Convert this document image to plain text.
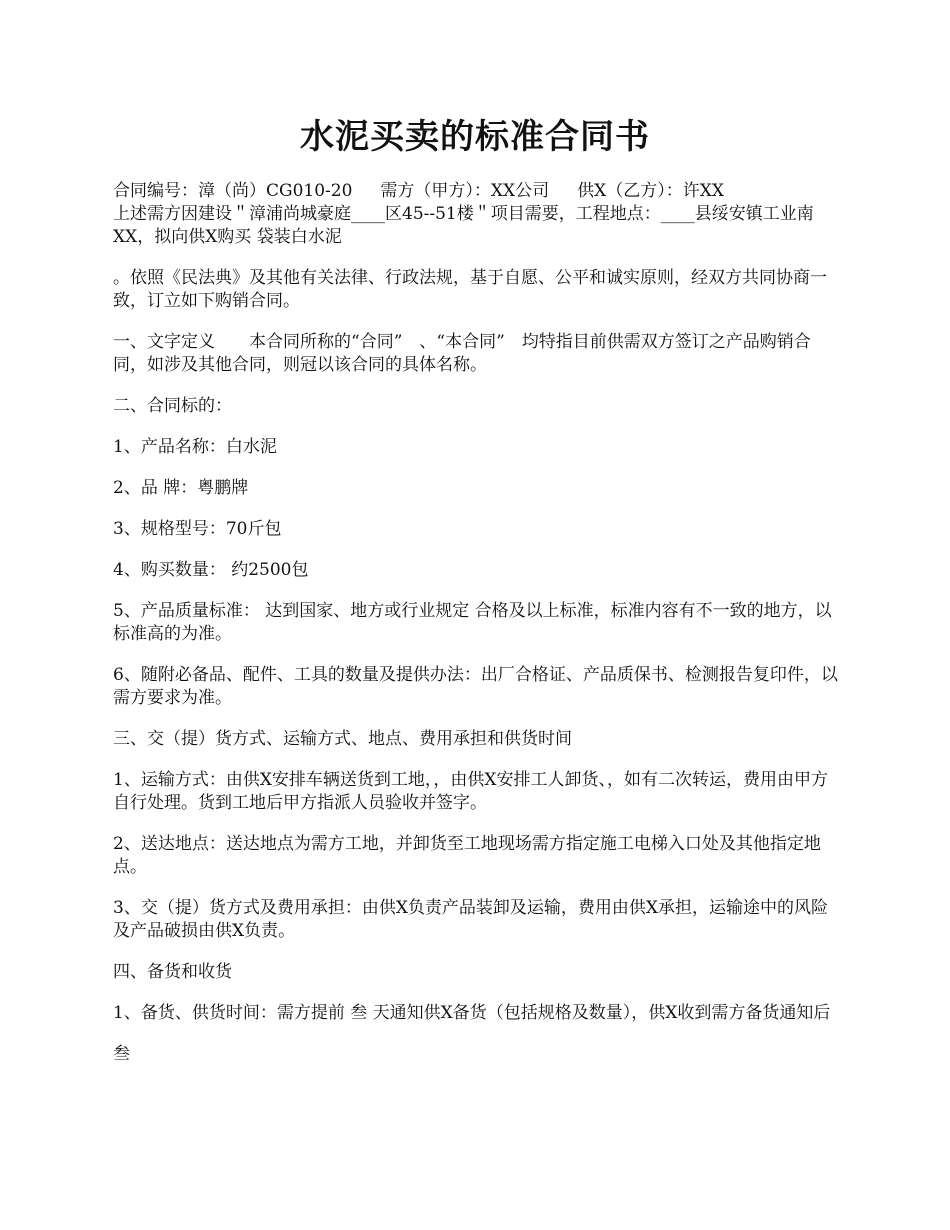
水泥买卖的标准合同书

合同编号：漳（尚）CG010-20 需方（甲方）：XX公司 供X（乙方）：许XX

上述需方因建设＂漳浦尚城豪庭____区45--51楼＂项目需要，工程地点：____县绥安镇工业南XX，拟向供X购买 袋装白水泥

。依照《民法典》及其他有关法律、行政法规，基于自愿、公平和诚实原则，经双方共同协商一致，订立如下购销合同。

一、文字定义　　本合同所称的“合同”　、“本合同”　均特指目前供需双方签订之产品购销合同，如涉及其他合同，则冠以该合同的具体名称。

二、合同标的：

1、产品名称：白水泥

2、品 牌：粤鹏牌

3、规格型号：70斤包

4、购买数量： 约2500包

5、产品质量标准： 达到国家、地方或行业规定 合格及以上标准，标准内容有不一致的地方，以标准高的为准。

6、随附必备品、配件、工具的数量及提供办法：出厂合格证、产品质保书、检测报告复印件，以需方要求为准。

三、交（提）货方式、运输方式、地点、费用承担和供货时间

1、运输方式：由供X安排车辆送货到工地，，由供X安排工人卸货、，如有二次转运，费用由甲方自行处理。货到工地后甲方指派人员验收并签字。

2、送达地点：送达地点为需方工地，并卸货至工地现场需方指定施工电梯入口处及其他指定地点。

3、交（提）货方式及费用承担：由供X负责产品装卸及运输，费用由供X承担，运输途中的风险及产品破损由供X负责。

四、备货和收货

1、备货、供货时间：需方提前 叁 天通知供X备货（包括规格及数量），供X收到需方备货通知后

叁
